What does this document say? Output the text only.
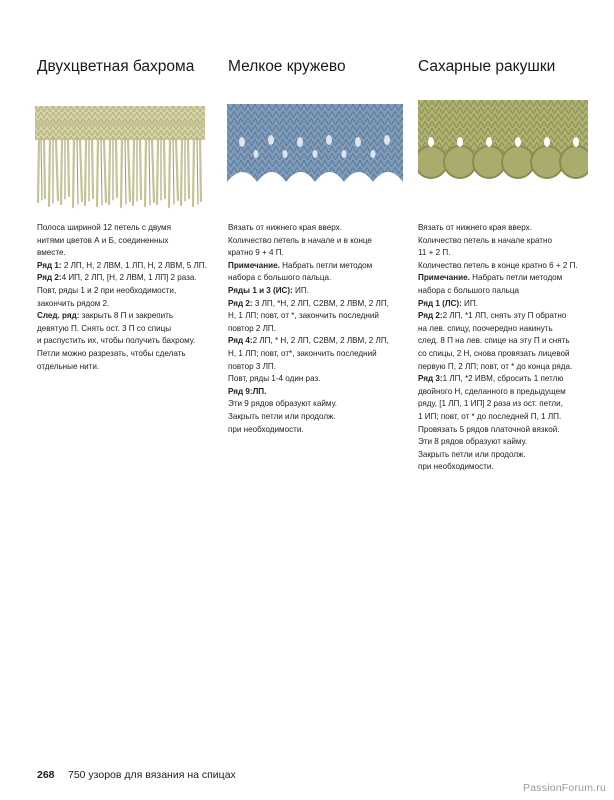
Двухцветная бахрома Мелкое кружево	Сахарные ракушки

Полоса шириной 12 петель с двумя

нитями цветов А и Б, соединенных

вместе.

Ряд 1: 2 ЛП, Н, 2 ЛВМ, 1 ЛП, Н, 2 ЛВМ, 5 ЛП.

Ряд 2:4 ИП, 2 ЛП, [Н, 2 ЛВМ, 1 ЛП] 2 раза.

Повт, ряды 1 и 2 при необходимости,

закончить рядом 2.

След. ряд: закрыть 8 П и закрепить

девятую П. Снять ост. 3 П со спицы

и распустить их, чтобы получить бахрому.

Петли можно разрезать, чтобы сделать

отдельные нити.

Вязать от нижнего края вверх.

Количество петель в начале и в конце

кратно 9 + 4 П.

Примечание. Набрать петли методом

набора с большого пальца.

Ряды 1 и 3 (ИС): ИП.

Ряд 2: 3 ЛП, *Н, 2 ЛП, С2ВМ, 2 ЛВМ, 2 ЛП,

Н, 1 ЛП; повт, от *, закончить последний

повтор 2 ЛП.

Ряд 4:2 ЛП, * Н, 2 ЛП, С2ВМ, 2 ЛВМ, 2 ЛП,

Н, 1 ЛП; повт, от*, закончить последний

повтор 3 ЛП.

Повт, ряды 1-4 один раз.

Ряд 9:ЛП.

Эти 9 рядов образуют кайму.

Закрыть петли или продолж.

при необходимости.

Вязать от нижнего края вверх.

Количество петель в начале кратно

11 + 2 П.

Количество петель в конце кратно 6 + 2 П.

Примечание. Набрать петли методом

набора с большого пальца

Ряд 1 (ЛС): ИП.

Ряд 2:2 ЛП, *1 ЛП, снять эту П обратно

на лев. спицу, поочередно накинуть

след. 8 П на лев. спице на эту П и снять

со спицы, 2 Н, снова провязать лицевой

первую П, 2 ЛП; повт, от * до конца ряда.

Ряд 3:1 ЛП, *2 ИВМ, сбросить 1 петлю

двойного Н, сделанного в предыдущем

ряду, [1 ЛП, 1 ИП] 2 раза из ост. петли,

1 ИП; повт, от * до последней П, 1 ЛП.

Провязать 5 рядов платочной вязкой.

Эти 8 рядов образуют кайму.

Закрыть петли или продолж.

при необходимости.

268 750 узоров для вязания на спицах
PassionForum.ru
